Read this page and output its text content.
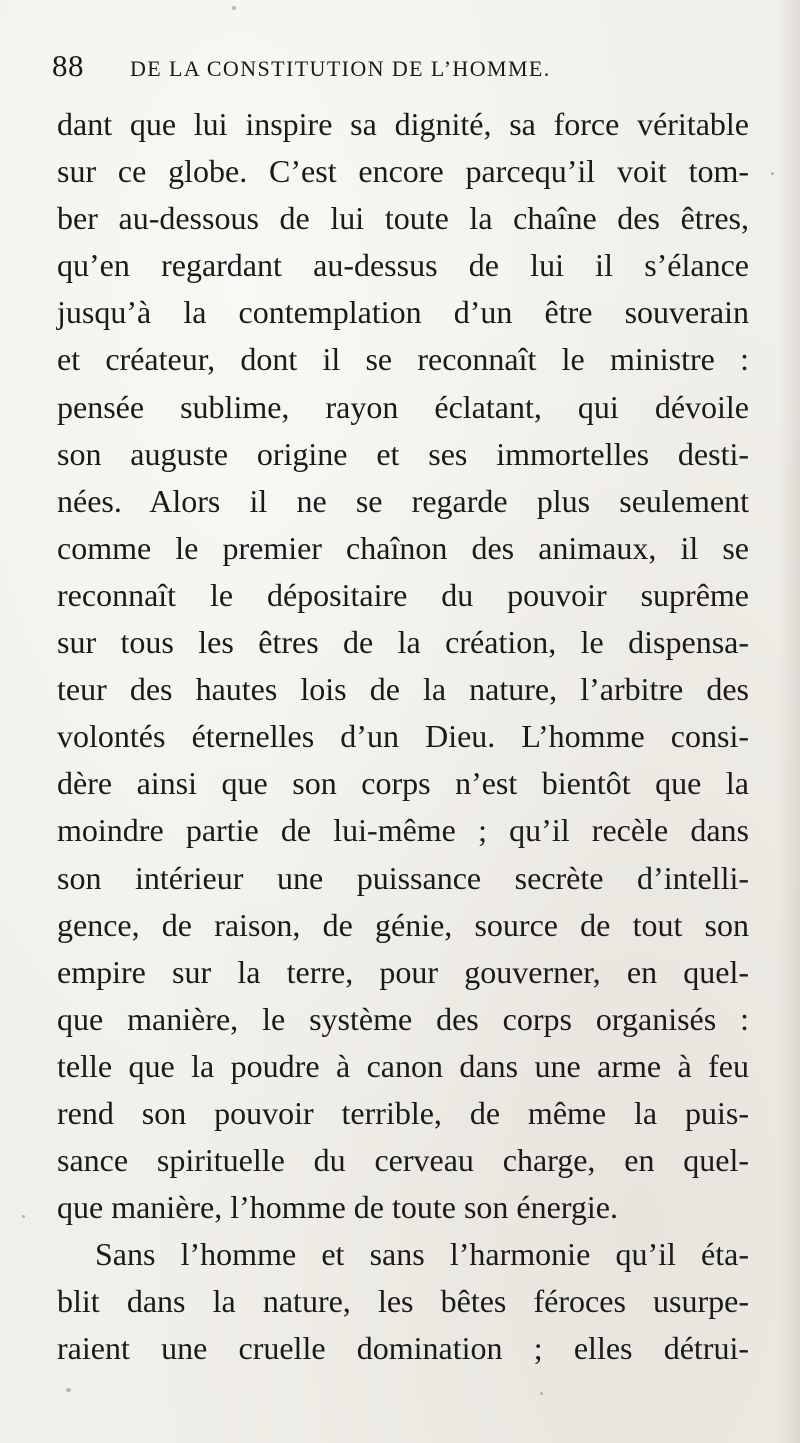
88 DE LA CONSTITUTION DE L’HOMME.
dant que lui inspire sa dignité, sa force véritable
sur ce globe. C’est encore parcequ’il voit tom-
ber au-dessous de lui toute la chaîne des êtres,
qu’en regardant au-dessus de lui il s’élance
jusqu’à la contemplation d’un être souverain
et créateur, dont il se reconnaît le ministre :
pensée sublime, rayon éclatant, qui dévoile
son auguste origine et ses immortelles desti-
nées. Alors il ne se regarde plus seulement
comme le premier chaînon des animaux, il se
reconnaît le dépositaire du pouvoir suprême
sur tous les êtres de la création, le dispensa-
teur des hautes lois de la nature, l’arbitre des
volontés éternelles d’un Dieu. L’homme consi-
dère ainsi que son corps n’est bientôt que la
moindre partie de lui-même ; qu’il recèle dans
son intérieur une puissance secrète d’intelli-
gence, de raison, de génie, source de tout son
empire sur la terre, pour gouverner, en quel-
que manière, le système des corps organisés :
telle que la poudre à canon dans une arme à feu
rend son pouvoir terrible, de même la puis-
sance spirituelle du cerveau charge, en quel-
que manière, l’homme de toute son énergie.
Sans l’homme et sans l’harmonie qu’il éta-
blit dans la nature, les bêtes féroces usurpe-
raient une cruelle domination ; elles détrui-
